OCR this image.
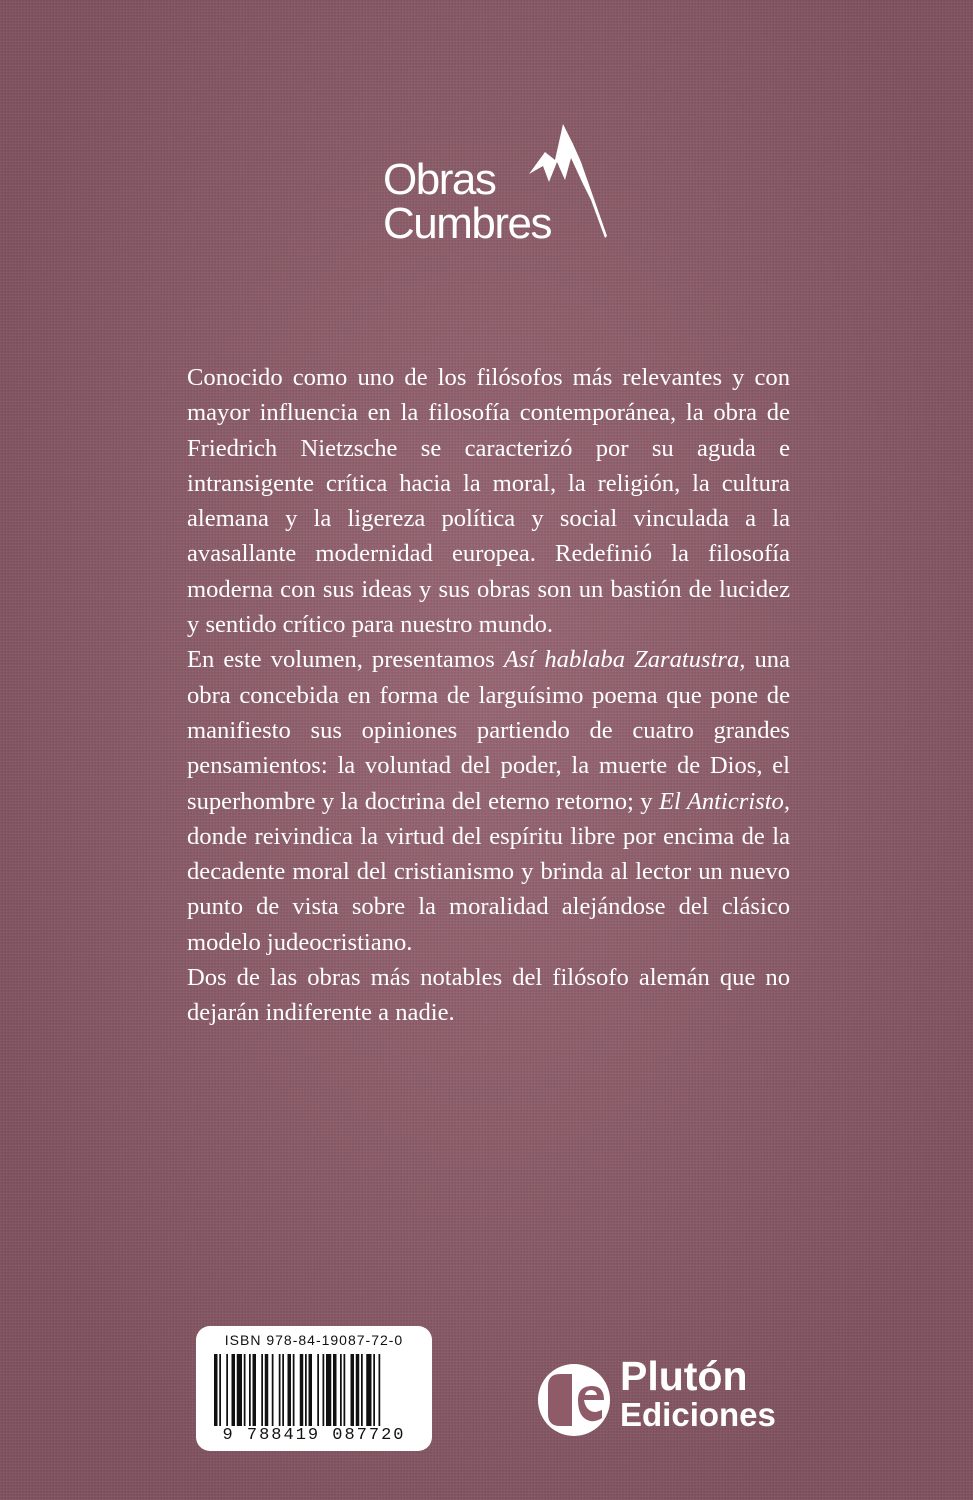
Obras
Cumbres

Conocido como uno de los filósofos más relevantes y con mayor influencia en la filosofía contemporánea, la obra de Friedrich Nietzsche se caracterizó por su aguda e intransigente crítica hacia la moral, la religión, la cultura alemana y la ligereza política y social vinculada a la avasallante modernidad europea. Redefinió la filosofía moderna con sus ideas y sus obras son un bastión de lucidez y sentido crítico para nuestro mundo.

En este volumen, presentamos Así hablaba Zaratustra, una obra concebida en forma de larguísimo poema que pone de manifiesto sus opiniones partiendo de cuatro grandes pensamientos: la voluntad del poder, la muerte de Dios, el superhombre y la doctrina del eterno retorno; y El Anticristo, donde reivindica la virtud del espíritu libre por encima de la decadente moral del cristianismo y brinda al lector un nuevo punto de vista sobre la moralidad alejándose del clásico modelo judeocristiano.

Dos de las obras más notables del filósofo alemán que no dejarán indiferente a nadie.

ISBN 978-84-19087-72-0
9 788419 087720
Plutón
Ediciones
